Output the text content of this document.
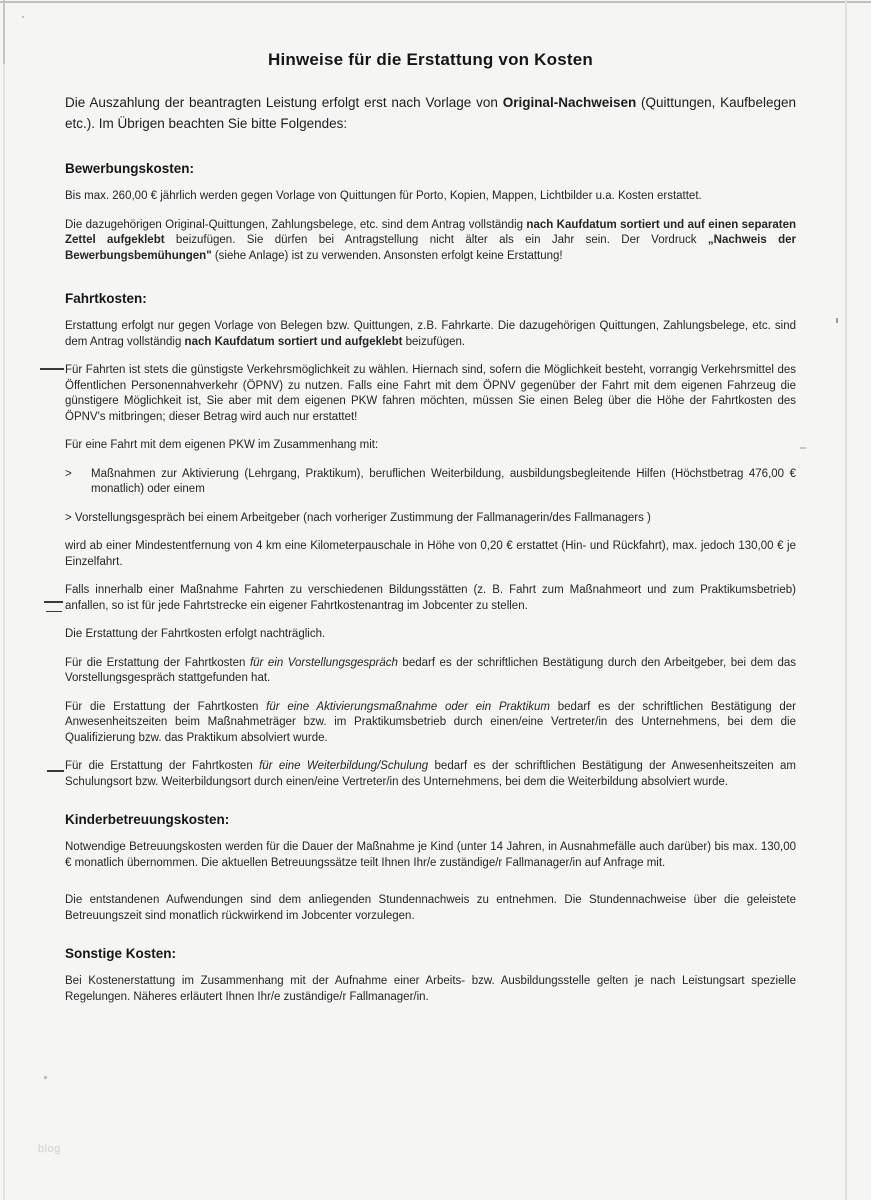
Hinweise für die Erstattung von Kosten

Die Auszahlung der beantragten Leistung erfolgt erst nach Vorlage von Original-Nachweisen (Quittungen, Kaufbelegen etc.). Im Übrigen beachten Sie bitte Folgendes:

Bewerbungskosten:

Bis max. 260,00 € jährlich werden gegen Vorlage von Quittungen für Porto, Kopien, Mappen, Lichtbilder u.a. Kosten erstattet.

Die dazugehörigen Original-Quittungen, Zahlungsbelege, etc. sind dem Antrag vollständig nach Kaufdatum sortiert und auf einen separaten Zettel aufgeklebt beizufügen. Sie dürfen bei Antragstellung nicht älter als ein Jahr sein. Der Vordruck „Nachweis der Bewerbungsbemühungen" (siehe Anlage) ist zu verwenden. Ansonsten erfolgt keine Erstattung!

Fahrtkosten:

Erstattung erfolgt nur gegen Vorlage von Belegen bzw. Quittungen, z.B. Fahrkarte. Die dazugehörigen Quittungen, Zahlungsbelege, etc. sind dem Antrag vollständig nach Kaufdatum sortiert und aufgeklebt beizufügen.

Für Fahrten ist stets die günstigste Verkehrsmöglichkeit zu wählen. Hiernach sind, sofern die Möglichkeit besteht, vorrangig Verkehrsmittel des Öffentlichen Personennahverkehr (ÖPNV) zu nutzen. Falls eine Fahrt mit dem ÖPNV gegenüber der Fahrt mit dem eigenen Fahrzeug die günstigere Möglichkeit ist, Sie aber mit dem eigenen PKW fahren möchten, müssen Sie einen Beleg über die Höhe der Fahrtkosten des ÖPNV's mitbringen; dieser Betrag wird auch nur erstattet!

Für eine Fahrt mit dem eigenen PKW im Zusammenhang mit:

>	Maßnahmen zur Aktivierung (Lehrgang, Praktikum), beruflichen Weiterbildung, ausbildungsbegleitende Hilfen (Höchstbetrag 476,00 € monatlich) oder einem

> Vorstellungsgespräch bei einem Arbeitgeber (nach vorheriger Zustimmung der Fallmanagerin/des Fallmanagers )

wird ab einer Mindestentfernung von 4 km eine Kilometerpauschale in Höhe von 0,20 € erstattet (Hin- und Rückfahrt), max. jedoch 130,00 € je Einzelfahrt.

Falls innerhalb einer Maßnahme Fahrten zu verschiedenen Bildungsstätten (z. B. Fahrt zum Maßnahmeort und zum Praktikumsbetrieb) anfallen, so ist für jede Fahrtstrecke ein eigener Fahrtkostenantrag im Jobcenter zu stellen.

Die Erstattung der Fahrtkosten erfolgt nachträglich.

Für die Erstattung der Fahrtkosten für ein Vorstellungsgespräch bedarf es der schriftlichen Bestätigung durch den Arbeitgeber, bei dem das Vorstellungsgespräch stattgefunden hat.

Für die Erstattung der Fahrtkosten für eine Aktivierungsmaßnahme oder ein Praktikum bedarf es der schriftlichen Bestätigung der Anwesenheitszeiten beim Maßnahmeträger bzw. im Praktikumsbetrieb durch einen/eine Vertreter/in des Unternehmens, bei dem die Qualifizierung bzw. das Praktikum absolviert wurde.

Für die Erstattung der Fahrtkosten für eine Weiterbildung/Schulung bedarf es der schriftlichen Bestätigung der Anwesenheitszeiten am Schulungsort bzw. Weiterbildungsort durch einen/eine Vertreter/in des Unternehmens, bei dem die Weiterbildung absolviert wurde.

Kinderbetreuungskosten:

Notwendige Betreuungskosten werden für die Dauer der Maßnahme je Kind (unter 14 Jahren, in Ausnahmefälle auch darüber) bis max. 130,00 € monatlich übernommen. Die aktuellen Betreuungssätze teilt Ihnen Ihr/e zuständige/r Fallmanager/in auf Anfrage mit.

Die entstandenen Aufwendungen sind dem anliegenden Stundennachweis zu entnehmen. Die Stundennachweise über die geleistete Betreuungszeit sind monatlich rückwirkend im Jobcenter vorzulegen.

Sonstige Kosten:

Bei Kostenerstattung im Zusammenhang mit der Aufnahme einer Arbeits- bzw. Ausbildungsstelle gelten je nach Leistungsart spezielle Regelungen. Näheres erläutert Ihnen Ihr/e zuständige/r Fallmanager/in.

blog
